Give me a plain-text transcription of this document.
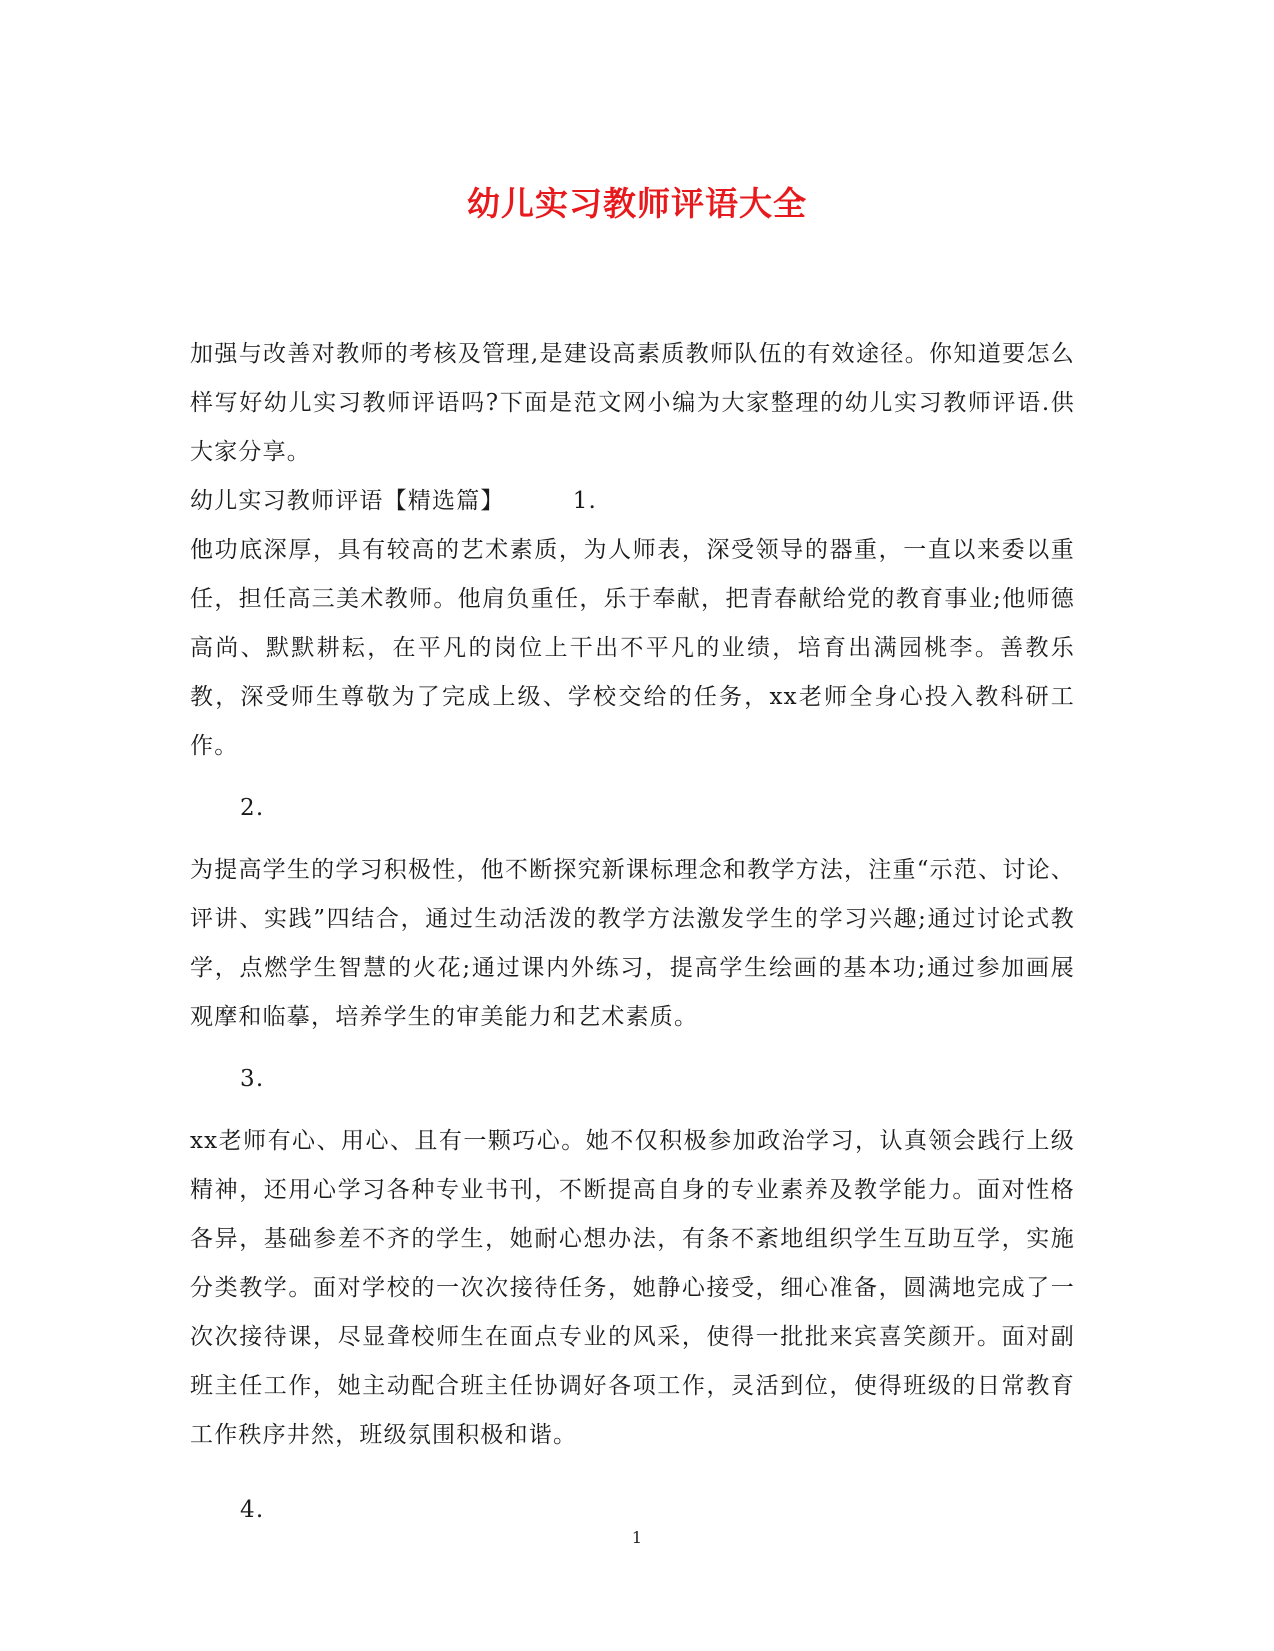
幼儿实习教师评语大全

加强与改善对教师的考核及管理,是建设高素质教师队伍的有效途径。你知道要怎么样写好幼儿实习教师评语吗?下面是范文网小编为大家整理的幼儿实习教师评语.供大家分享。

幼儿实习教师评语【精选篇】	1.

他功底深厚，具有较高的艺术素质，为人师表，深受领导的器重，一直以来委以重任，担任高三美术教师。他肩负重任，乐于奉献，把青春献给党的教育事业;他师德高尚、默默耕耘，在平凡的岗位上干出不平凡的业绩，培育出满园桃李。善教乐教，深受师生尊敬为了完成上级、学校交给的任务，xx老师全身心投入教科研工作。

2.

为提高学生的学习积极性，他不断探究新课标理念和教学方法，注重“示范、讨论、评讲、实践”四结合，通过生动活泼的教学方法激发学生的学习兴趣;通过讨论式教学，点燃学生智慧的火花;通过课内外练习，提高学生绘画的基本功;通过参加画展观摩和临摹，培养学生的审美能力和艺术素质。

3.

xx老师有心、用心、且有一颗巧心。她不仅积极参加政治学习，认真领会践行上级精神，还用心学习各种专业书刊，不断提高自身的专业素养及教学能力。面对性格各异，基础参差不齐的学生，她耐心想办法，有条不紊地组织学生互助互学，实施分类教学。面对学校的一次次接待任务，她静心接受，细心准备，圆满地完成了一次次接待课，尽显聋校师生在面点专业的风采，使得一批批来宾喜笑颜开。面对副班主任工作，她主动配合班主任协调好各项工作，灵活到位，使得班级的日常教育工作秩序井然，班级氛围积极和谐。

4.

1
